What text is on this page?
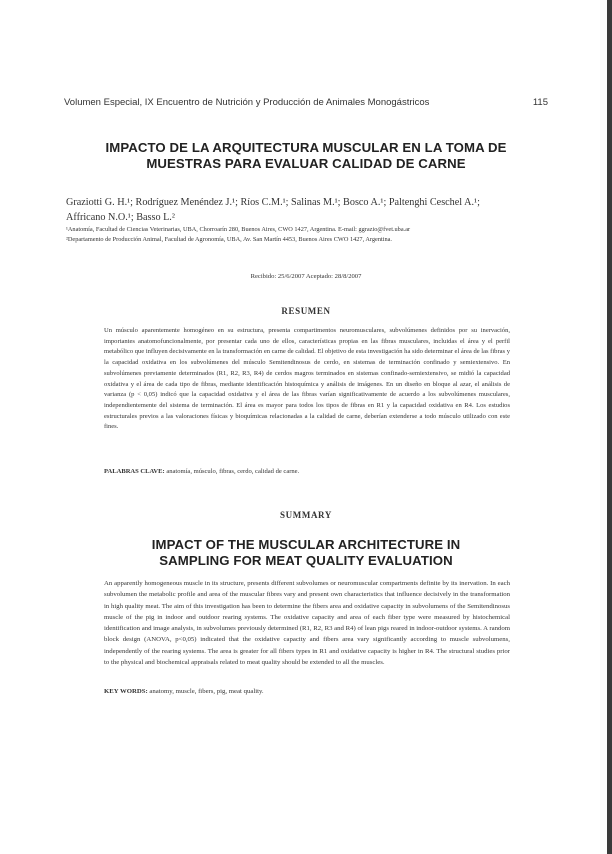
Volumen Especial, IX Encuentro de Nutrición y Producción de Animales Monogástricos	115
IMPACTO DE LA ARQUITECTURA MUSCULAR EN LA TOMA DE
MUESTRAS PARA EVALUAR CALIDAD DE CARNE
Graziotti G. H.¹; Rodríguez Menéndez J.¹; Ríos C.M.¹; Salinas M.¹; Bosco A.¹; Paltenghi Ceschel A.¹;
Affricano N.O.¹; Basso L.²
¹Anatomía, Facultad de Ciencias Veterinarias, UBA, Chorroarín 280, Buenos Aires, CWO 1427, Argentina. E-mail: ggrazio@fvet.uba.ar
²Departamento de Producción Animal, Facultad de Agronomía, UBA, Av. San Martín 4453, Buenos Aires CWO 1427, Argentina.
Recibido: 25/6/2007 Aceptado: 28/8/2007
RESUMEN

Un músculo aparentemente homogéneo en su estructura, presenta compartimentos neuromusculares, subvolúmenes definidos por su inervación, importantes anatomofuncionalmente, por presentar cada uno de ellos, características propias en las fibras musculares, incluidas el área y el perfil metabólico que influyen decisivamente en la transformación en carne de calidad. El objetivo de esta investigación ha sido determinar el área de las fibras y la capacidad oxidativa en los subvolúmenes del músculo Semitendinosus de cerdo, en sistemas de terminación confinado y semiextensivo. En subvolúmenes previamente determinados (R1, R2, R3, R4) de cerdos magros terminados en sistemas confinado-semiextensivo, se midió la capacidad oxidativa y el área de cada tipo de fibras, mediante identificación histoquímica y análisis de imágenes. En un diseño en bloque al azar, el análisis de varianza (p < 0,05) indicó que la capacidad oxidativa y el área de las fibras varían significativamente de acuerdo a los subvolúmenes musculares, independientemente del sistema de terminación. El área es mayor para todos los tipos de fibras en R1 y la capacidad oxidativa en R4. Los estudios estructurales previos a las valoraciones físicas y bioquímicas relacionadas a la calidad de carne, deberían extenderse a todo músculo utilizado con este fines.

PALABRAS CLAVE: anatomía, músculo, fibras, cerdo, calidad de carne.

SUMMARY
IMPACT OF THE MUSCULAR ARCHITECTURE IN
SAMPLING FOR MEAT QUALITY EVALUATION

An apparently homogeneous muscle in its structure, presents different subvolumes or neuromuscular compartments definite by its inervation. In each subvolumen the metabolic profile and area of the muscular fibres vary and present own characteristics that influence decisively in the transformation in high quality meat. The aim of this investigation has been to determine the fibers area and oxidative capacity in subvolumens of the Semitendinosus muscle of the pig in indoor and outdoor rearing systems. The oxidative capacity and area of each fiber type were measured by histochemical identification and image analysis, in subvolumes previously determined (R1, R2, R3 and R4) of lean pigs reared in indoor-outdoor systems. A random block design (ANOVA, p<0,05) indicated that the oxidative capacity and fibers area vary significantly according to muscle subvolumens, independently of the rearing systems. The area is greater for all fibers types in R1 and oxidative capacity is higher in R4. The structural studies prior to the physical and biochemical appraisals related to meat quality should be extended to all the muscles.

KEY WORDS: anatomy, muscle, fibers, pig, meat quality.
